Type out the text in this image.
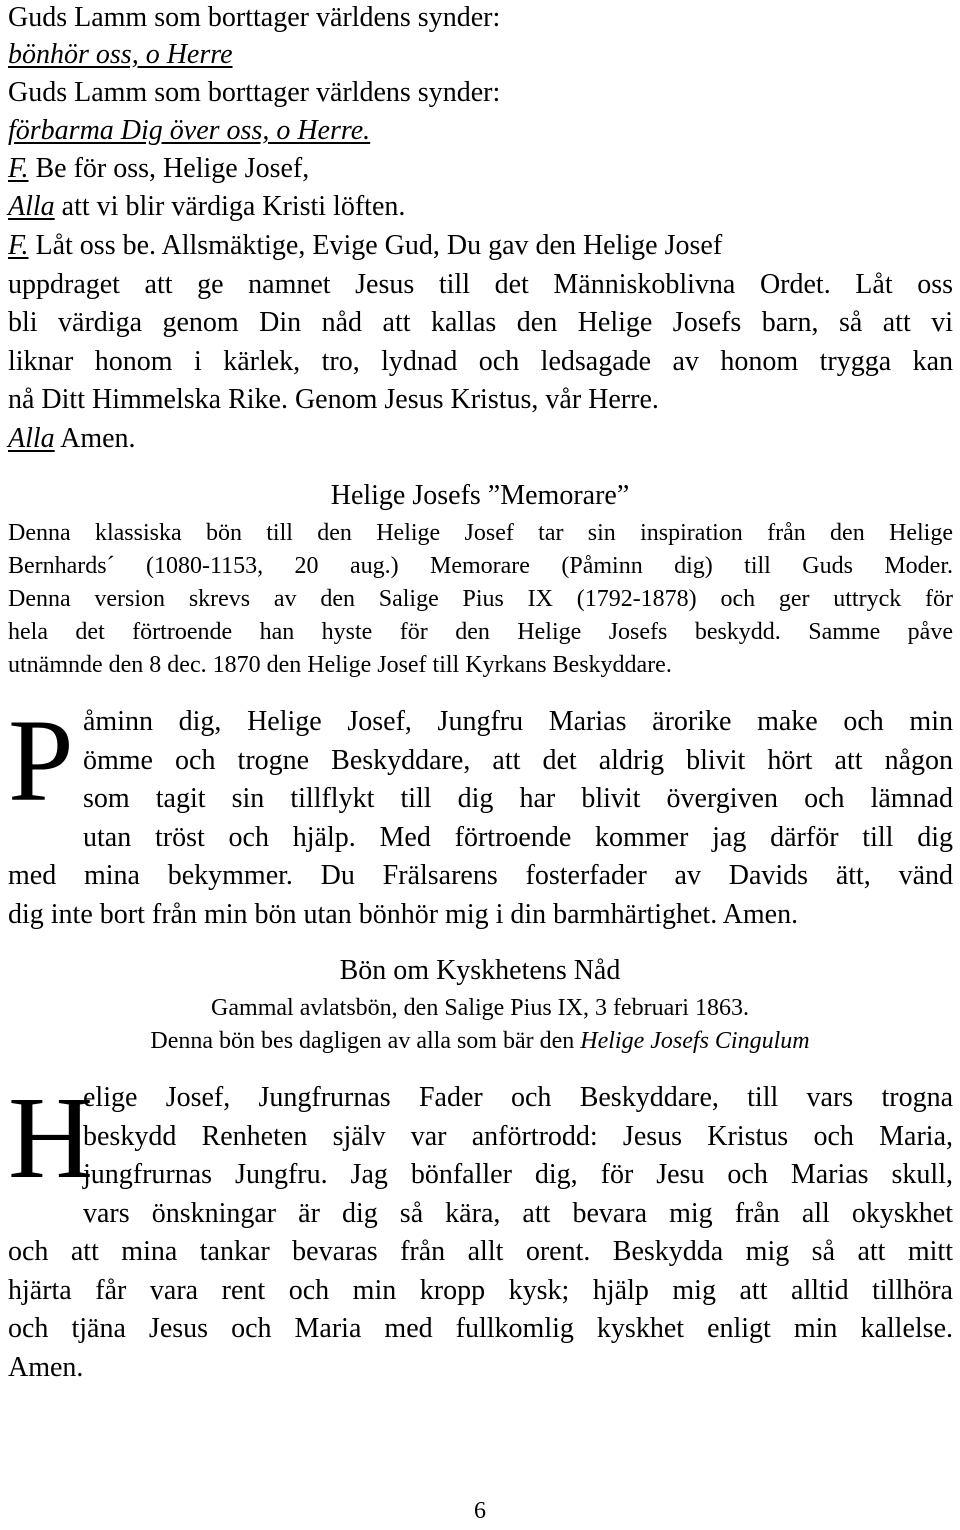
Guds Lamm som borttager världens synder:
bönhör oss, o Herre
Guds Lamm som borttager världens synder:
förbarma Dig över oss, o Herre.
F. Be för oss, Helige Josef,
Alla att vi blir värdiga Kristi löften.
F. Låt oss be. Allsmäktige, Evige Gud, Du gav den Helige Josef
uppdraget att ge namnet Jesus till det Människoblivna Ordet. Låt oss
bli värdiga genom Din nåd att kallas den Helige Josefs barn, så att vi
liknar honom i kärlek, tro, lydnad och ledsagade av honom trygga kan
nå Ditt Himmelska Rike. Genom Jesus Kristus, vår Herre.
Alla Amen.
Helige Josefs ”Memorare”
Denna klassiska bön till den Helige Josef tar sin inspiration från den Helige
Bernhards´ (1080-1153, 20 aug.) Memorare (Påminn dig) till Guds Moder.
Denna version skrevs av den Salige Pius IX (1792-1878) och ger uttryck för
hela det förtroende han hyste för den Helige Josefs beskydd. Samme påve
utnämnde den 8 dec. 1870 den Helige Josef till Kyrkans Beskyddare.
P åminn dig, Helige Josef, Jungfru Marias ärorike make och min
ömme och trogne Beskyddare, att det aldrig blivit hört att någon
som tagit sin tillflykt till dig har blivit övergiven och lämnad
utan tröst och hjälp. Med förtroende kommer jag därför till dig
med mina bekymmer. Du Frälsarens fosterfader av Davids ätt, vänd
dig inte bort från min bön utan bönhör mig i din barmhärtighet. Amen.
Bön om Kyskhetens Nåd
Gammal avlatsbön, den Salige Pius IX, 3 februari 1863.
Denna bön bes dagligen av alla som bär den Helige Josefs Cingulum
H
elige Josef, Jungfrurnas Fader och Beskyddare, till vars trogna
beskydd Renheten själv var anförtrodd: Jesus Kristus och Maria,
jungfrurnas Jungfru. Jag bönfaller dig, för Jesu och Marias skull,
vars önskningar är dig så kära, att bevara mig från all okyskhet
och att mina tankar bevaras från allt orent. Beskydda mig så att mitt
hjärta får vara rent och min kropp kysk; hjälp mig att alltid tillhöra
och tjäna Jesus och Maria med fullkomlig kyskhet enligt min kallelse.
Amen.
6
